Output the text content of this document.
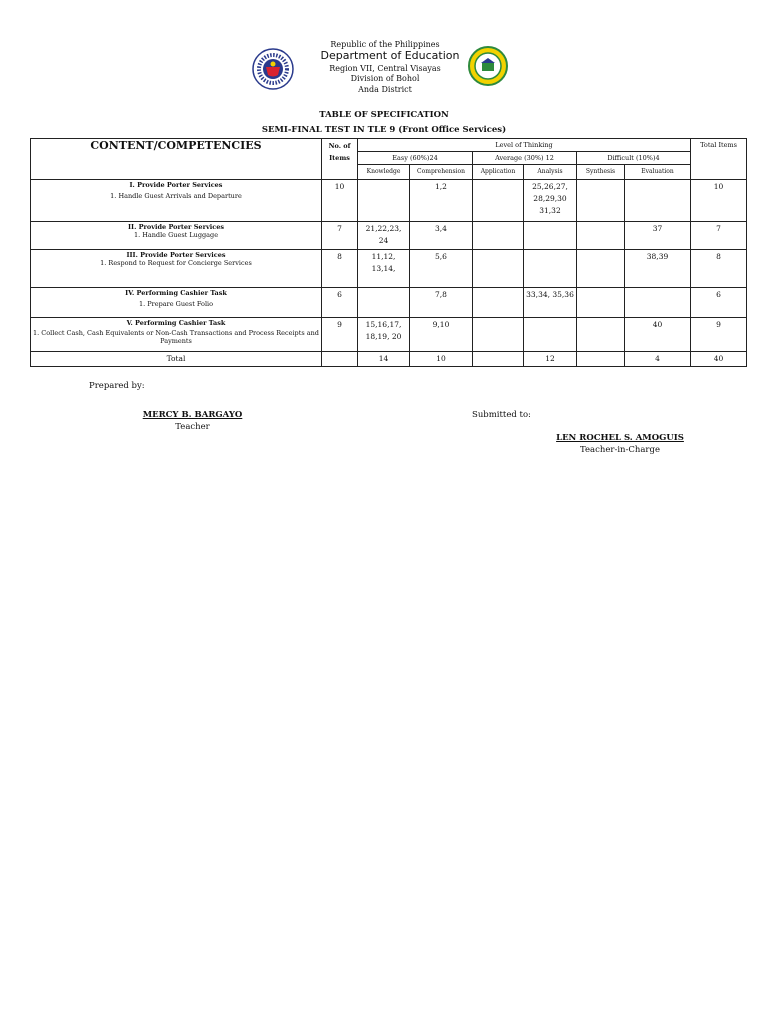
Republic of the Philippines
Department of Education
Region VII, Central Visayas
Division of Bohol
Anda District
TABLE OF SPECIFICATION
SEMI-FINAL TEST IN TLE 9 (Front Office Services)
CONTENT/COMPETENCIES	No. of Items	Level of Thinking						Total Items
		Easy (60%)24		Average (30%) 12		Difficult (10%)4		
		Knowledge	Comprehension	Application	Analysis	Synthesis	Evaluation	

I. Provide Porter Services
1. Handle Guest Arrivals and Departure	10		1,2		25,26,27, 28,29,30 31,32			10

II. Provide Porter Services
1. Handle Guest Luggage	7	21,22,23, 24	3,4				37	7

III. Provide Porter Services
1. Respond to Request for Concierge Services	8	11,12, 13,14,	5,6				38,39	8

IV. Performing Cashier Task
1. Prepare Guest Folio	6		7,8		33,34, 35,36			6

V. Performing Cashier Task
1. Collect Cash, Cash Equivalents or Non-Cash Transactions and Process Receipts and Payments	9	15,16,17, 18,19, 20	9,10				40	9
Total		14	10		12		4	40
Prepared by:
MERCY B. BARGAYO
Teacher
Submitted to:
LEN ROCHEL S. AMOGUIS
Teacher-in-Charge
